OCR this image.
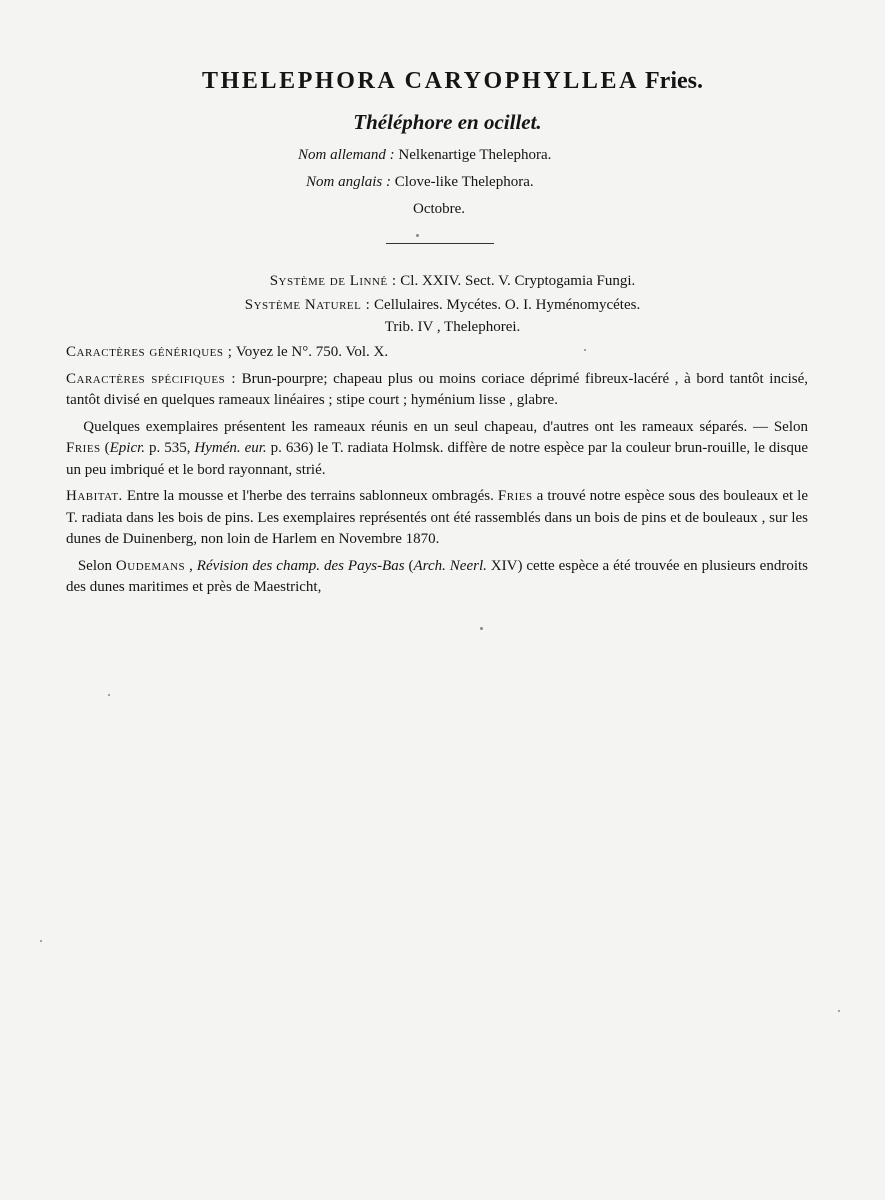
THELEPHORA CARYOPHYLLEA Fries.
Théléphore en ocillet.
Nom allemand : Nelkenartige Thelephora.
Nom anglais : Clove-like Thelephora.
Octobre.
Système de Linné : Cl. XXIV. Sect. V. Cryptogamia Fungi.
Système Naturel : Cellulaires. Mycétes. O. I. Hyménomycétes.
Trib. IV , Thelephorei.

Caractères génériques ; Voyez le N°. 750. Vol. X.

Caractères spécifiques : Brun-pourpre; chapeau plus ou moins coriace déprimé fibreux-lacéré , à bord tantôt incisé, tantôt divisé en quelques rameaux linéaires ; stipe court ; hyménium lisse , glabre.

Quelques exemplaires présentent les rameaux réunis en un seul chapeau, d'autres ont les rameaux séparés. — Selon Fries (Epicr. p. 535, Hymén. eur. p. 636) le T. radiata Holmsk. diffère de notre espèce par la couleur brun-rouille, le disque un peu imbriqué et le bord rayonnant, strié.

Habitat. Entre la mousse et l'herbe des terrains sablonneux ombragés. Fries a trouvé notre espèce sous des bouleaux et le T. radiata dans les bois de pins. Les exemplaires représentés ont été rassemblés dans un bois de pins et de bouleaux , sur les dunes de Duinenberg, non loin de Harlem en Novembre 1870.

Selon Oudemans , Révision des champ. des Pays-Bas (Arch. Neerl. XIV) cette espèce a été trouvée en plusieurs endroits des dunes maritimes et près de Maestricht,
